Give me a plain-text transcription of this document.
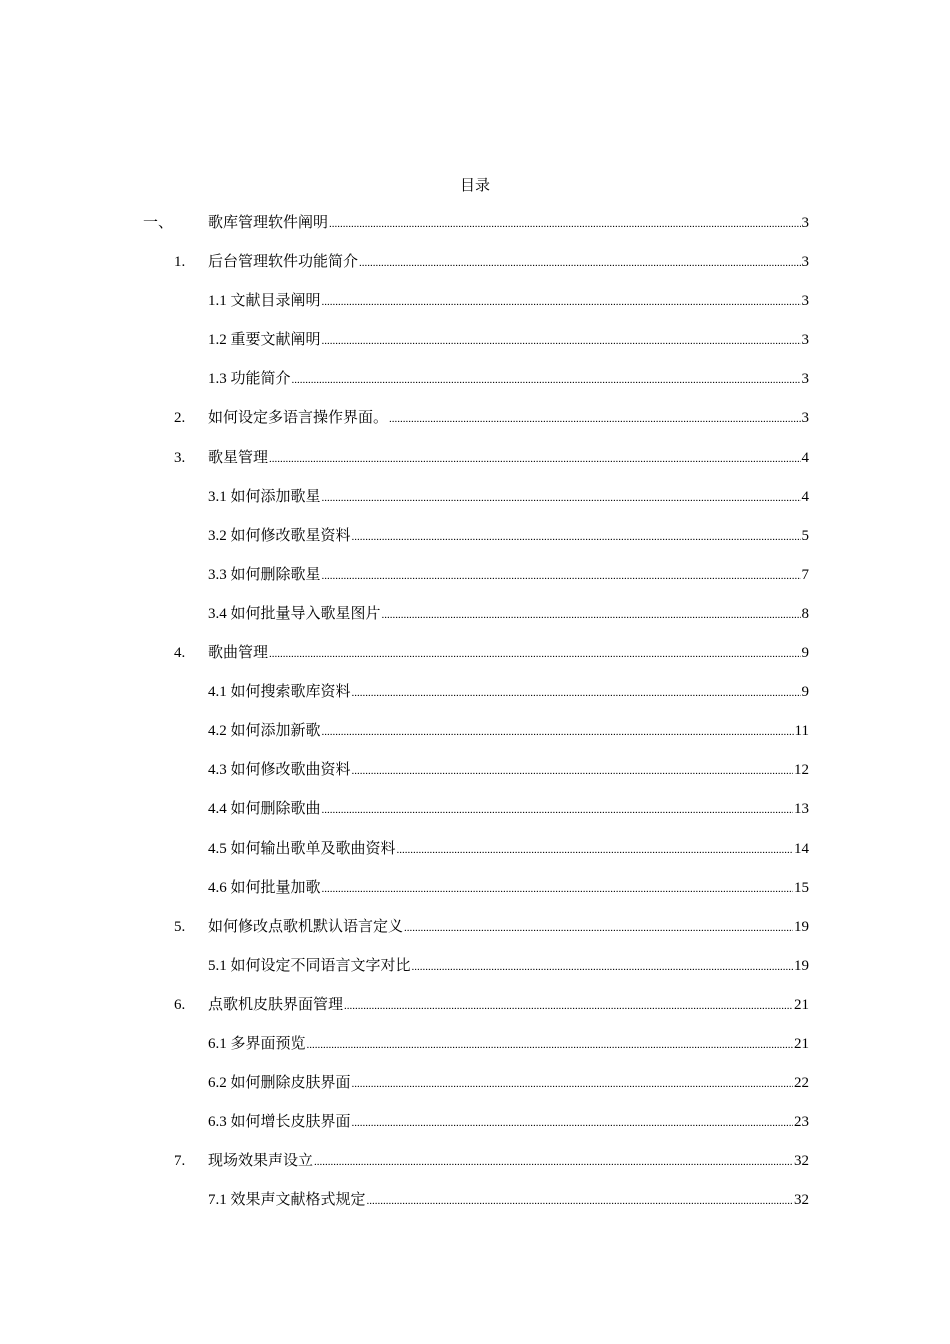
目录
一、 歌库管理软件阐明 .....	3
1. 后台管理软件功能简介 .....	3
1.1 文献目录阐明 .....	3
1.2 重要文献阐明 .....	3
1.3 功能简介 .....	3
2. 如何设定多语言操作界面。 .....	3
3. 歌星管理 .....	4
3.1 如何添加歌星 .....	4
3.2 如何修改歌星资料 .....	5
3.3 如何删除歌星 .....	7
3.4 如何批量导入歌星图片 .....	8
4. 歌曲管理 .....	9
4.1 如何搜索歌库资料 .....	9
4.2 如何添加新歌 .....	11
4.3 如何修改歌曲资料 .....	12
4.4 如何删除歌曲 .....	13
4.5 如何输出歌单及歌曲资料 .....	14
4.6 如何批量加歌 .....	15
5. 如何修改点歌机默认语言定义 .....	19
5.1 如何设定不同语言文字对比 .....	19
6. 点歌机皮肤界面管理 .....	21
6.1 多界面预览 .....	21
6.2 如何删除皮肤界面 .....	22
6.3 如何增长皮肤界面 .....	23
7. 现场效果声设立 .....	32
7.1 效果声文献格式规定 .....	32
